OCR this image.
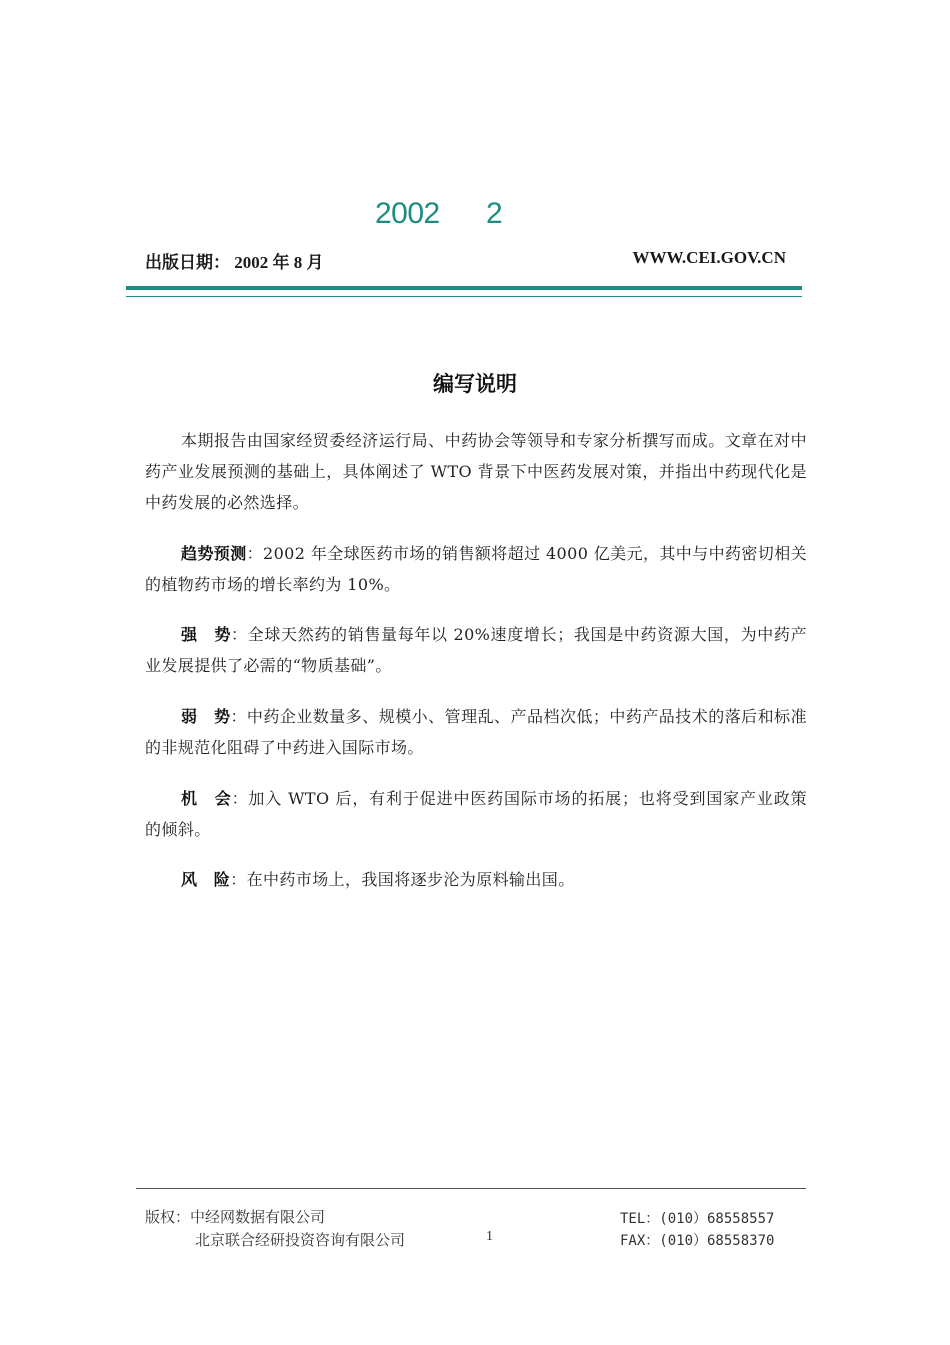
2002 2
出版日期： 2002 年 8 月	WWW.CEI.GOV.CN
编写说明
本期报告由国家经贸委经济运行局、中药协会等领导和专家分析撰写而成。文章在对中药产业发展预测的基础上，具体阐述了 WTO 背景下中医药发展对策，并指出中药现代化是中药发展的必然选择。
趋势预测：2002 年全球医药市场的销售额将超过 4000 亿美元，其中与中药密切相关的植物药市场的增长率约为 10%。
强　势：全球天然药的销售量每年以 20%速度增长；我国是中药资源大国，为中药产业发展提供了必需的“物质基础”。
弱　势：中药企业数量多、规模小、管理乱、产品档次低；中药产品技术的落后和标准的非规范化阻碍了中药进入国际市场。
机　会：加入 WTO 后，有利于促进中医药国际市场的拓展；也将受到国家产业政策的倾斜。
风　险：在中药市场上，我国将逐步沦为原料输出国。
版权：中经网数据有限公司
北京联合经研投资咨询有限公司	1
TEL：(010）68558557
FAX：(010）68558370
